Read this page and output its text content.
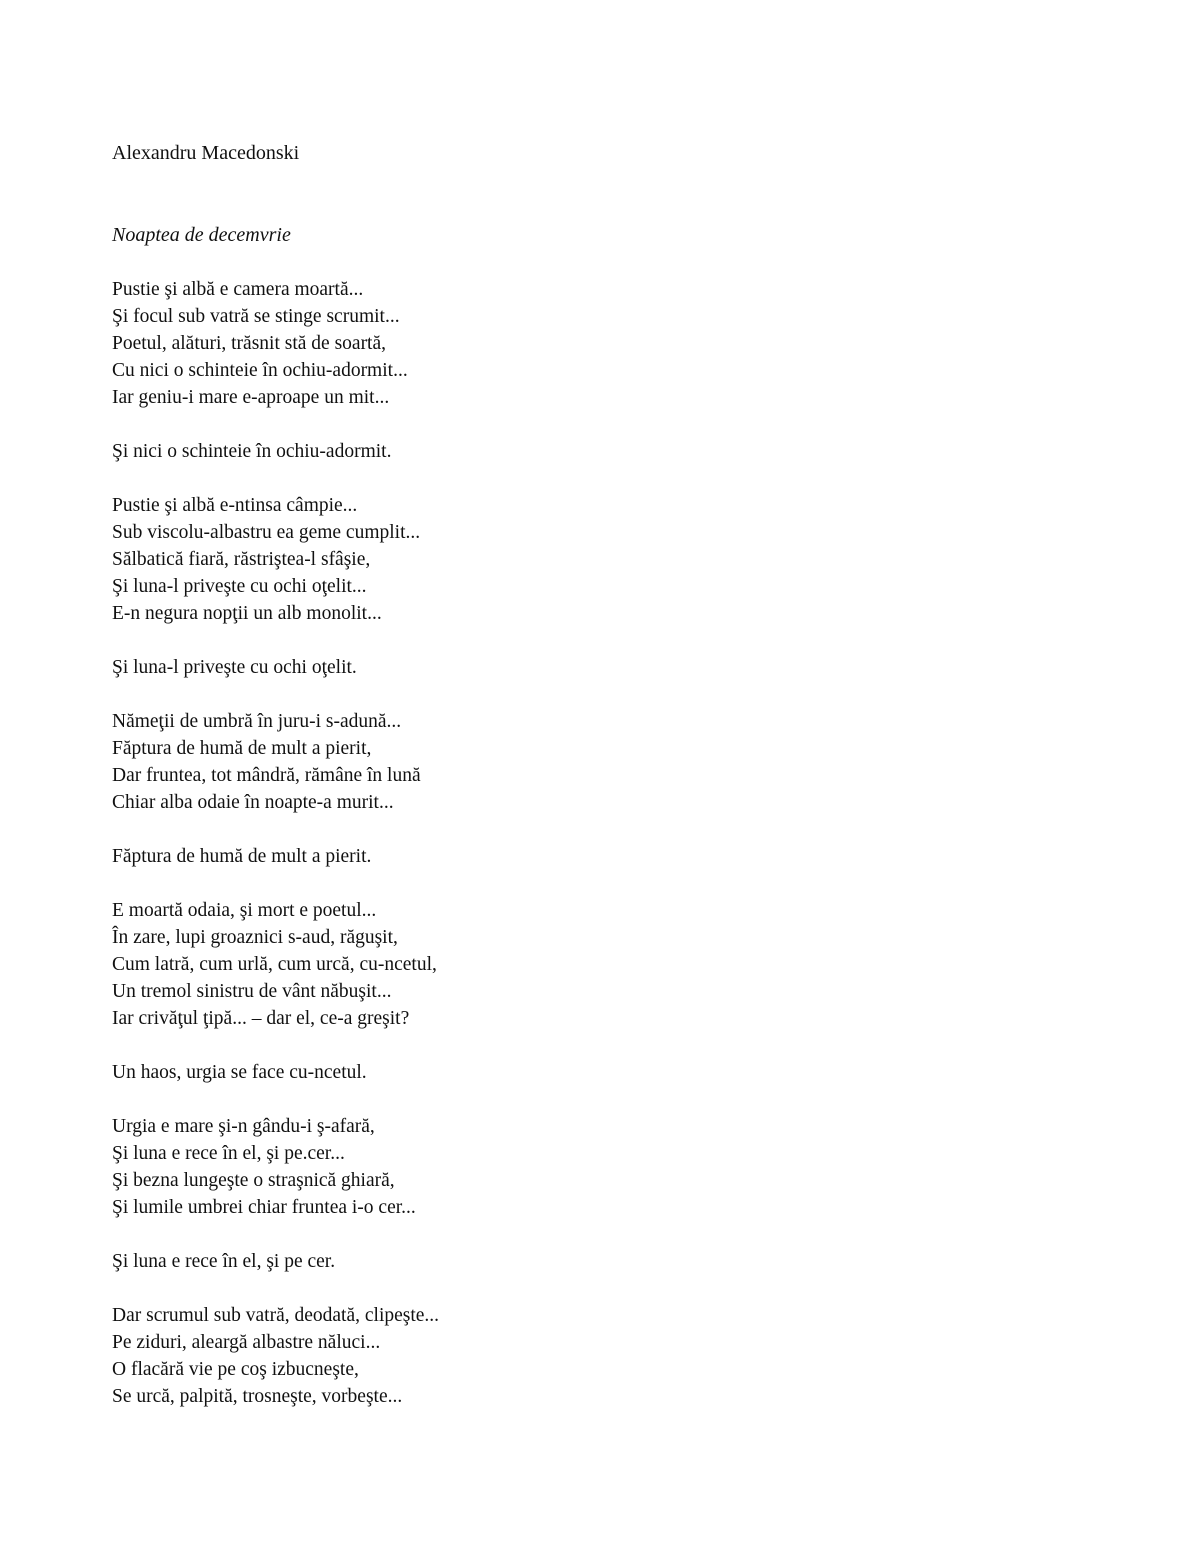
Alexandru Macedonski
Noaptea de decemvrie
Pustie şi albă e camera moartă...
Şi focul sub vatră se stinge scrumit...
Poetul, alături, trăsnit stă de soartă,
Cu nici o schinteie în ochiu-adormit...
Iar geniu-i mare e-aproape un mit...
Şi nici o schinteie în ochiu-adormit.
Pustie şi albă e-ntinsa câmpie...
Sub viscolu-albastru ea geme cumplit...
Sălbatică fiară, răstriştea-l sfâşie,
Şi luna-l priveşte cu ochi oţelit...
E-n negura nopţii un alb monolit...
Şi luna-l priveşte cu ochi oţelit.
Nămeţii de umbră în juru-i s-adună...
Făptura de humă de mult a pierit,
Dar fruntea, tot mândră, rămâne în lună
Chiar alba odaie în noapte-a murit...
Făptura de humă de mult a pierit.
E moartă odaia, şi mort e poetul...
În zare, lupi groaznici s-aud, răguşit,
Cum latră, cum urlă, cum urcă, cu-ncetul,
Un tremol sinistru de vânt năbuşit...
Iar crivăţul ţipă... – dar el, ce-a greşit?
Un haos, urgia se face cu-ncetul.
Urgia e mare şi-n gându-i ş-afară,
Şi luna e rece în el, şi pe.cer...
Şi bezna lungeşte o straşnică ghiară,
Şi lumile umbrei chiar fruntea i-o cer...
Şi luna e rece în el, şi pe cer.
Dar scrumul sub vatră, deodată, clipeşte...
Pe ziduri, aleargă albastre năluci...
O flacără vie pe coş izbucneşte,
Se urcă, palpită, trosneşte, vorbeşte...
